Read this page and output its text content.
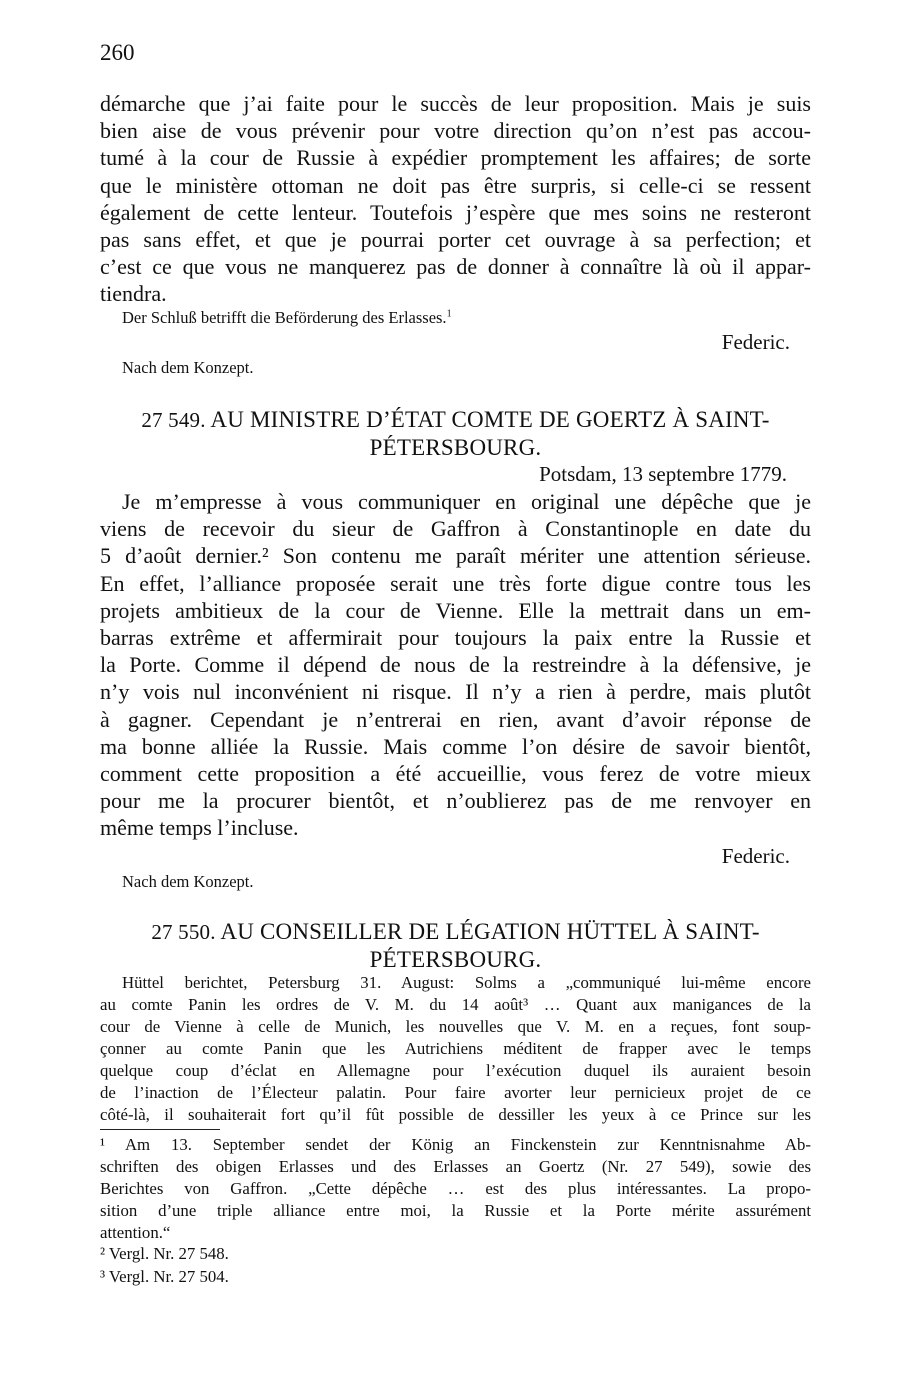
260
démarche que j’ai faite pour le succès de leur proposition. Mais je suis
bien aise de vous prévenir pour votre direction qu’on n’est pas accou-
tumé à la cour de Russie à expédier promptement les affaires; de sorte
que le ministère ottoman ne doit pas être surpris, si celle-ci se ressent
également de cette lenteur. Toutefois j’espère que mes soins ne resteront
pas sans effet, et que je pourrai porter cet ouvrage à sa perfection; et
c’est ce que vous ne manquerez pas de donner à connaître là où il appar-
tiendra.
Der Schluß betrifft die Beförderung des Erlasses.$^1$
Federic.
Nach dem Konzept.
27 549. AU MINISTRE D’ÉTAT COMTE DE GOERTZ À SAINT-
PÉTERSBOURG.
Potsdam, 13 septembre 1779.
Je m’empresse à vous communiquer en original une dépêche que je
viens de recevoir du sieur de Gaffron à Constantinople en date du
5 d’août dernier.² Son contenu me paraît mériter une attention sérieuse.
En effet, l’alliance proposée serait une très forte digue contre tous les
projets ambitieux de la cour de Vienne. Elle la mettrait dans un em-
barras extrême et affermirait pour toujours la paix entre la Russie et
la Porte. Comme il dépend de nous de la restreindre à la défensive, je
n’y vois nul inconvénient ni risque. Il n’y a rien à perdre, mais plutôt
à gagner. Cependant je n’entrerai en rien, avant d’avoir réponse de
ma bonne alliée la Russie. Mais comme l’on désire de savoir bientôt,
comment cette proposition a été accueillie, vous ferez de votre mieux
pour me la procurer bientôt, et n’oublierez pas de me renvoyer en
même temps l’incluse.
Federic.
Nach dem Konzept.
27 550. AU CONSEILLER DE LÉGATION HÜTTEL À SAINT-
PÉTERSBOURG.
Hüttel berichtet, Petersburg 31. August: Solms a „communiqué lui-même encore
au comte Panin les ordres de V. M. du 14 août³ … Quant aux manigances de la
cour de Vienne à celle de Munich, les nouvelles que V. M. en a reçues, font soup-
çonner au comte Panin que les Autrichiens méditent de frapper avec le temps
quelque coup d’éclat en Allemagne pour l’exécution duquel ils auraient besoin
de l’inaction de l’Électeur palatin. Pour faire avorter leur pernicieux projet de ce
côté-là, il souhaiterait fort qu’il fût possible de dessiller les yeux à ce Prince sur les
¹ Am 13. September sendet der König an Finckenstein zur Kenntnisnahme Ab-
schriften des obigen Erlasses und des Erlasses an Goertz (Nr. 27 549), sowie des
Berichtes von Gaffron. „Cette dépêche … est des plus intéressantes. La propo-
sition d’une triple alliance entre moi, la Russie et la Porte mérite assurément
attention.“
² Vergl. Nr. 27 548.
³ Vergl. Nr. 27 504.
